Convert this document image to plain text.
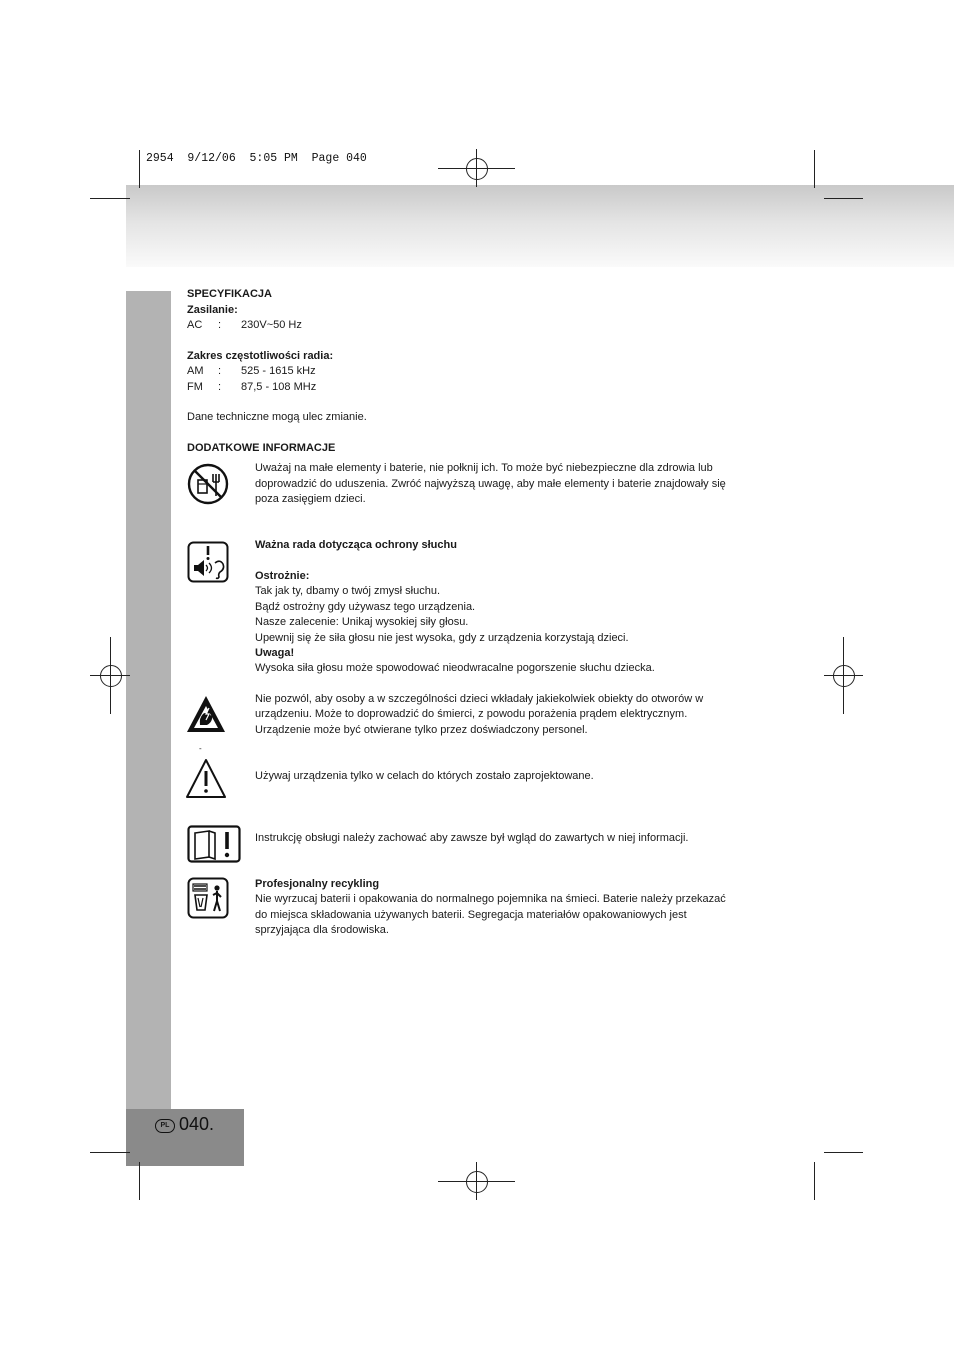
PL 040.
2954  9/12/06  5:05 PM  Page 040
SPECYFIKACJA
Zasilanie:
AC : 230V~50 Hz
Zakres częstotliwości radia:
AM : 525 - 1615 kHz
FM : 87,5 - 108 MHz
Dane techniczne mogą ulec zmianie.
DODATKOWE INFORMACJE
Uważaj na małe elementy i baterie, nie połknij ich. To może być niebezpieczne dla zdrowia lub
doprowadzić do uduszenia. Zwróć najwyższą uwagę, aby małe elementy i baterie znajdowały się
poza zasięgiem dzieci.
Ważna rada dotycząca ochrony słuchu
Ostrożnie:
Tak jak ty, dbamy o twój zmysł słuchu.
Bądź ostrożny gdy używasz tego urządzenia.
Nasze zalecenie: Unikaj wysokiej siły głosu.
Upewnij się że siła głosu nie jest wysoka, gdy z urządzenia korzystają dzieci.
Uwaga!
Wysoka siła głosu może spowodować nieodwracalne pogorszenie słuchu dziecka.
Nie pozwól, aby osoby a w szczególności dzieci wkładały jakiekolwiek obiekty do otworów w
urządzeniu. Może to doprowadzić do śmierci, z powodu porażenia prądem elektrycznym.
Urządzenie może być otwierane tylko przez doświadczony personel.
-
Używaj urządzenia tylko w celach do których zostało zaprojektowane.
Instrukcję obsługi należy zachować aby zawsze był wgląd do zawartych w niej informacji.
Profesjonalny recykling
Nie wyrzucaj baterii i opakowania do normalnego pojemnika na śmieci. Baterie należy przekazać
do miejsca składowania używanych baterii. Segregacja materiałów opakowaniowych jest
sprzyjająca dla środowiska.
